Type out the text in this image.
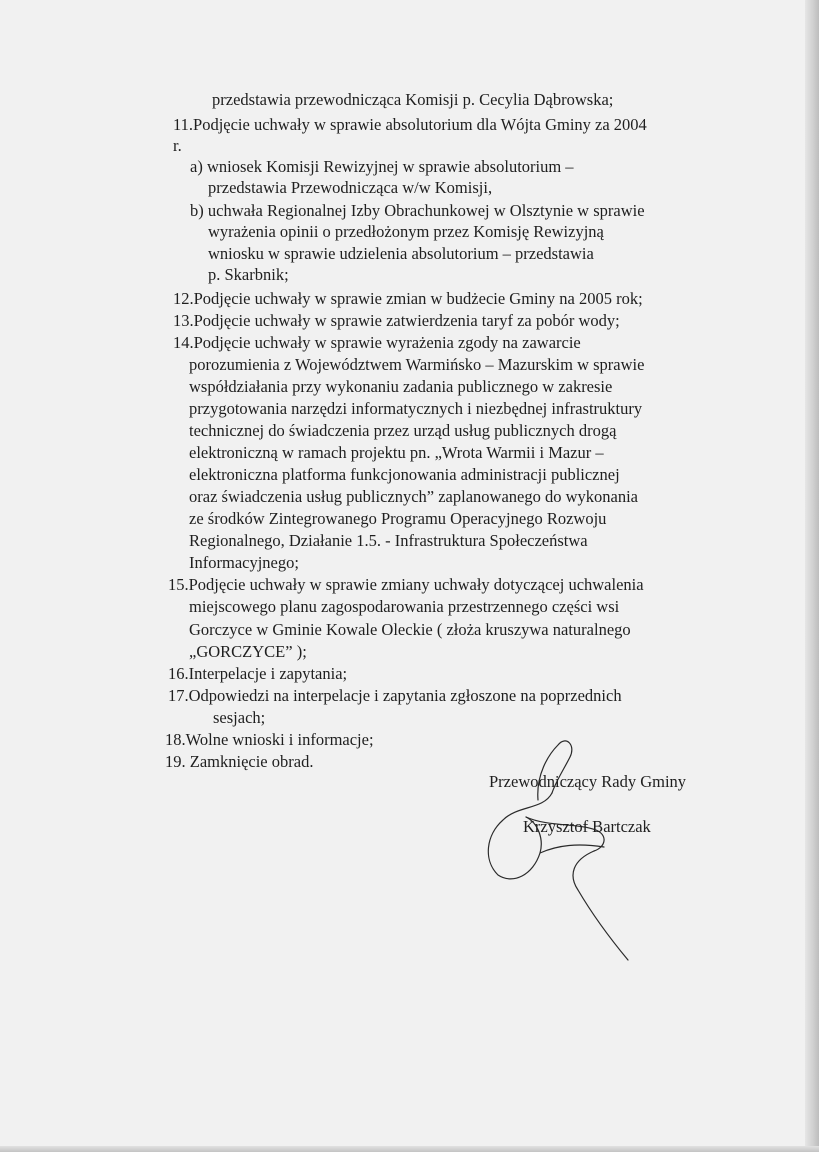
przedstawia przewodnicząca Komisji p. Cecylia Dąbrowska;
11.Podjęcie uchwały w sprawie absolutorium dla Wójta Gminy za 2004
r.
a) wniosek Komisji Rewizyjnej w sprawie absolutorium –
przedstawia Przewodnicząca w/w Komisji,
b) uchwała Regionalnej Izby Obrachunkowej w Olsztynie w sprawie
wyrażenia opinii o przedłożonym przez Komisję Rewizyjną
wniosku w sprawie udzielenia absolutorium – przedstawia
p. Skarbnik;
12.Podjęcie uchwały w sprawie zmian w budżecie Gminy na 2005 rok;
13.Podjęcie uchwały w sprawie zatwierdzenia taryf za pobór wody;
14.Podjęcie uchwały w sprawie wyrażenia zgody na zawarcie
porozumienia z Województwem Warmińsko – Mazurskim w sprawie
współdziałania przy wykonaniu zadania publicznego w zakresie
przygotowania narzędzi informatycznych i niezbędnej infrastruktury
technicznej do świadczenia przez urząd usług publicznych drogą
elektroniczną w ramach projektu pn. „Wrota Warmii i Mazur –
elektroniczna platforma funkcjonowania administracji publicznej
oraz świadczenia usług publicznych” zaplanowanego do wykonania
ze środków Zintegrowanego Programu Operacyjnego Rozwoju
Regionalnego, Działanie 1.5. - Infrastruktura Społeczeństwa
Informacyjnego;
15.Podjęcie uchwały w sprawie zmiany uchwały dotyczącej uchwalenia
miejscowego planu zagospodarowania przestrzennego części wsi
Gorczyce w Gminie Kowale Oleckie ( złoża kruszywa naturalnego
„GORCZYCE” );
16.Interpelacje i zapytania;
17.Odpowiedzi na interpelacje i zapytania zgłoszone na poprzednich
sesjach;
18.Wolne wnioski i informacje;
19. Zamknięcie obrad.
Przewodniczący Rady Gminy
Krzysztof Bartczak
